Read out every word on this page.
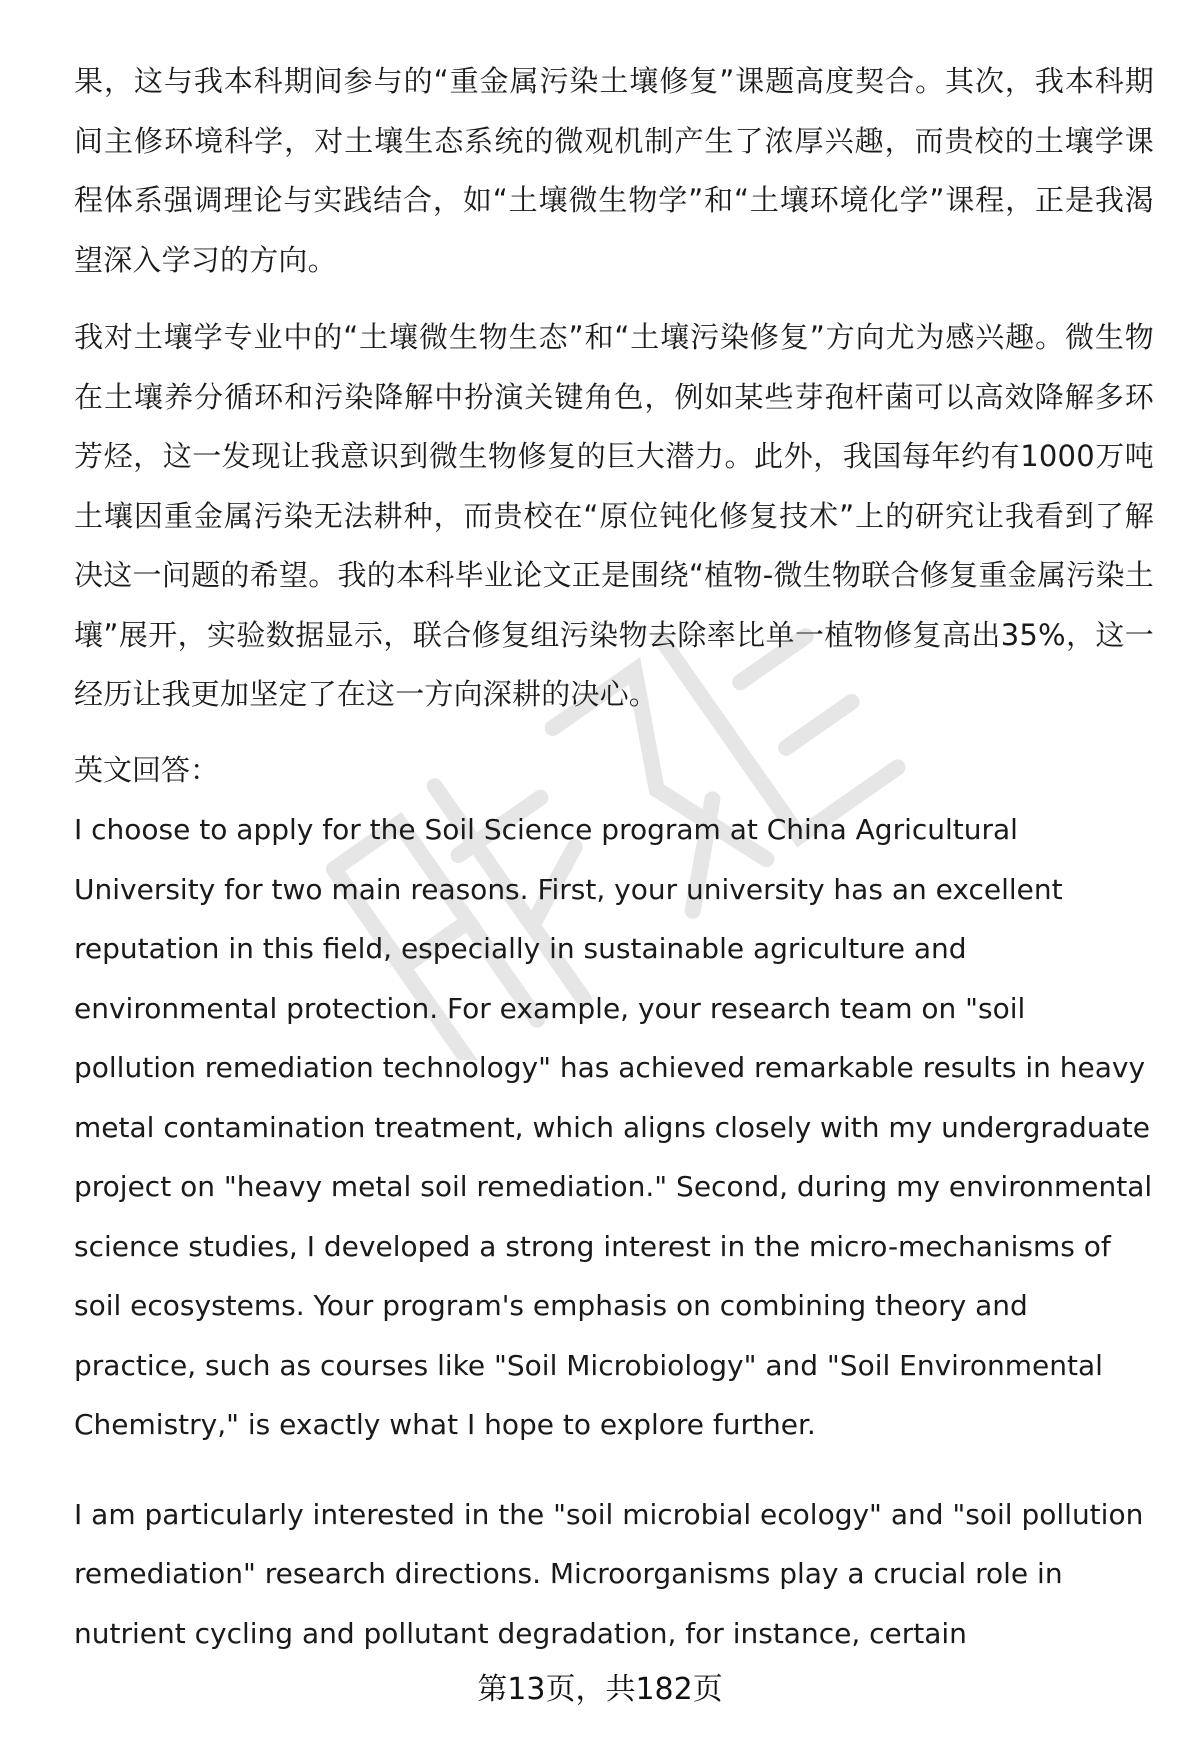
果，这与我本科期间参与的“重金属污染土壤修复”课题高度契合。其次，我本科期间主修环境科学，对土壤生态系统的微观机制产生了浓厚兴趣，而贵校的土壤学课程体系强调理论与实践结合，如“土壤微生物学”和“土壤环境化学”课程，正是我渴望深入学习的方向。

我对土壤学专业中的“土壤微生物生态”和“土壤污染修复”方向尤为感兴趣。微生物在土壤养分循环和污染降解中扮演关键角色，例如某些芽孢杆菌可以高效降解多环芳烃，这一发现让我意识到微生物修复的巨大潜力。此外，我国每年约有1000万吨土壤因重金属污染无法耕种，而贵校在“原位钝化修复技术”上的研究让我看到了解决这一问题的希望。我的本科毕业论文正是围绕“植物-微生物联合修复重金属污染土壤”展开，实验数据显示，联合修复组污染物去除率比单一植物修复高出35%，这一经历让我更加坚定了在这一方向深耕的决心。

英文回答：

I choose to apply for the Soil Science program at China Agricultural University for two main reasons. First, your university has an excellent reputation in this field, especially in sustainable agriculture and environmental protection. For example, your research team on "soil pollution remediation technology" has achieved remarkable results in heavy metal contamination treatment, which aligns closely with my undergraduate project on "heavy metal soil remediation." Second, during my environmental science studies, I developed a strong interest in the micro-mechanisms of soil ecosystems. Your program's emphasis on combining theory and practice, such as courses like "Soil Microbiology" and "Soil Environmental Chemistry," is exactly what I hope to explore further.

I am particularly interested in the "soil microbial ecology" and "soil pollution remediation" research directions. Microorganisms play a crucial role in nutrient cycling and pollutant degradation, for instance, certain

第13页，共182页
